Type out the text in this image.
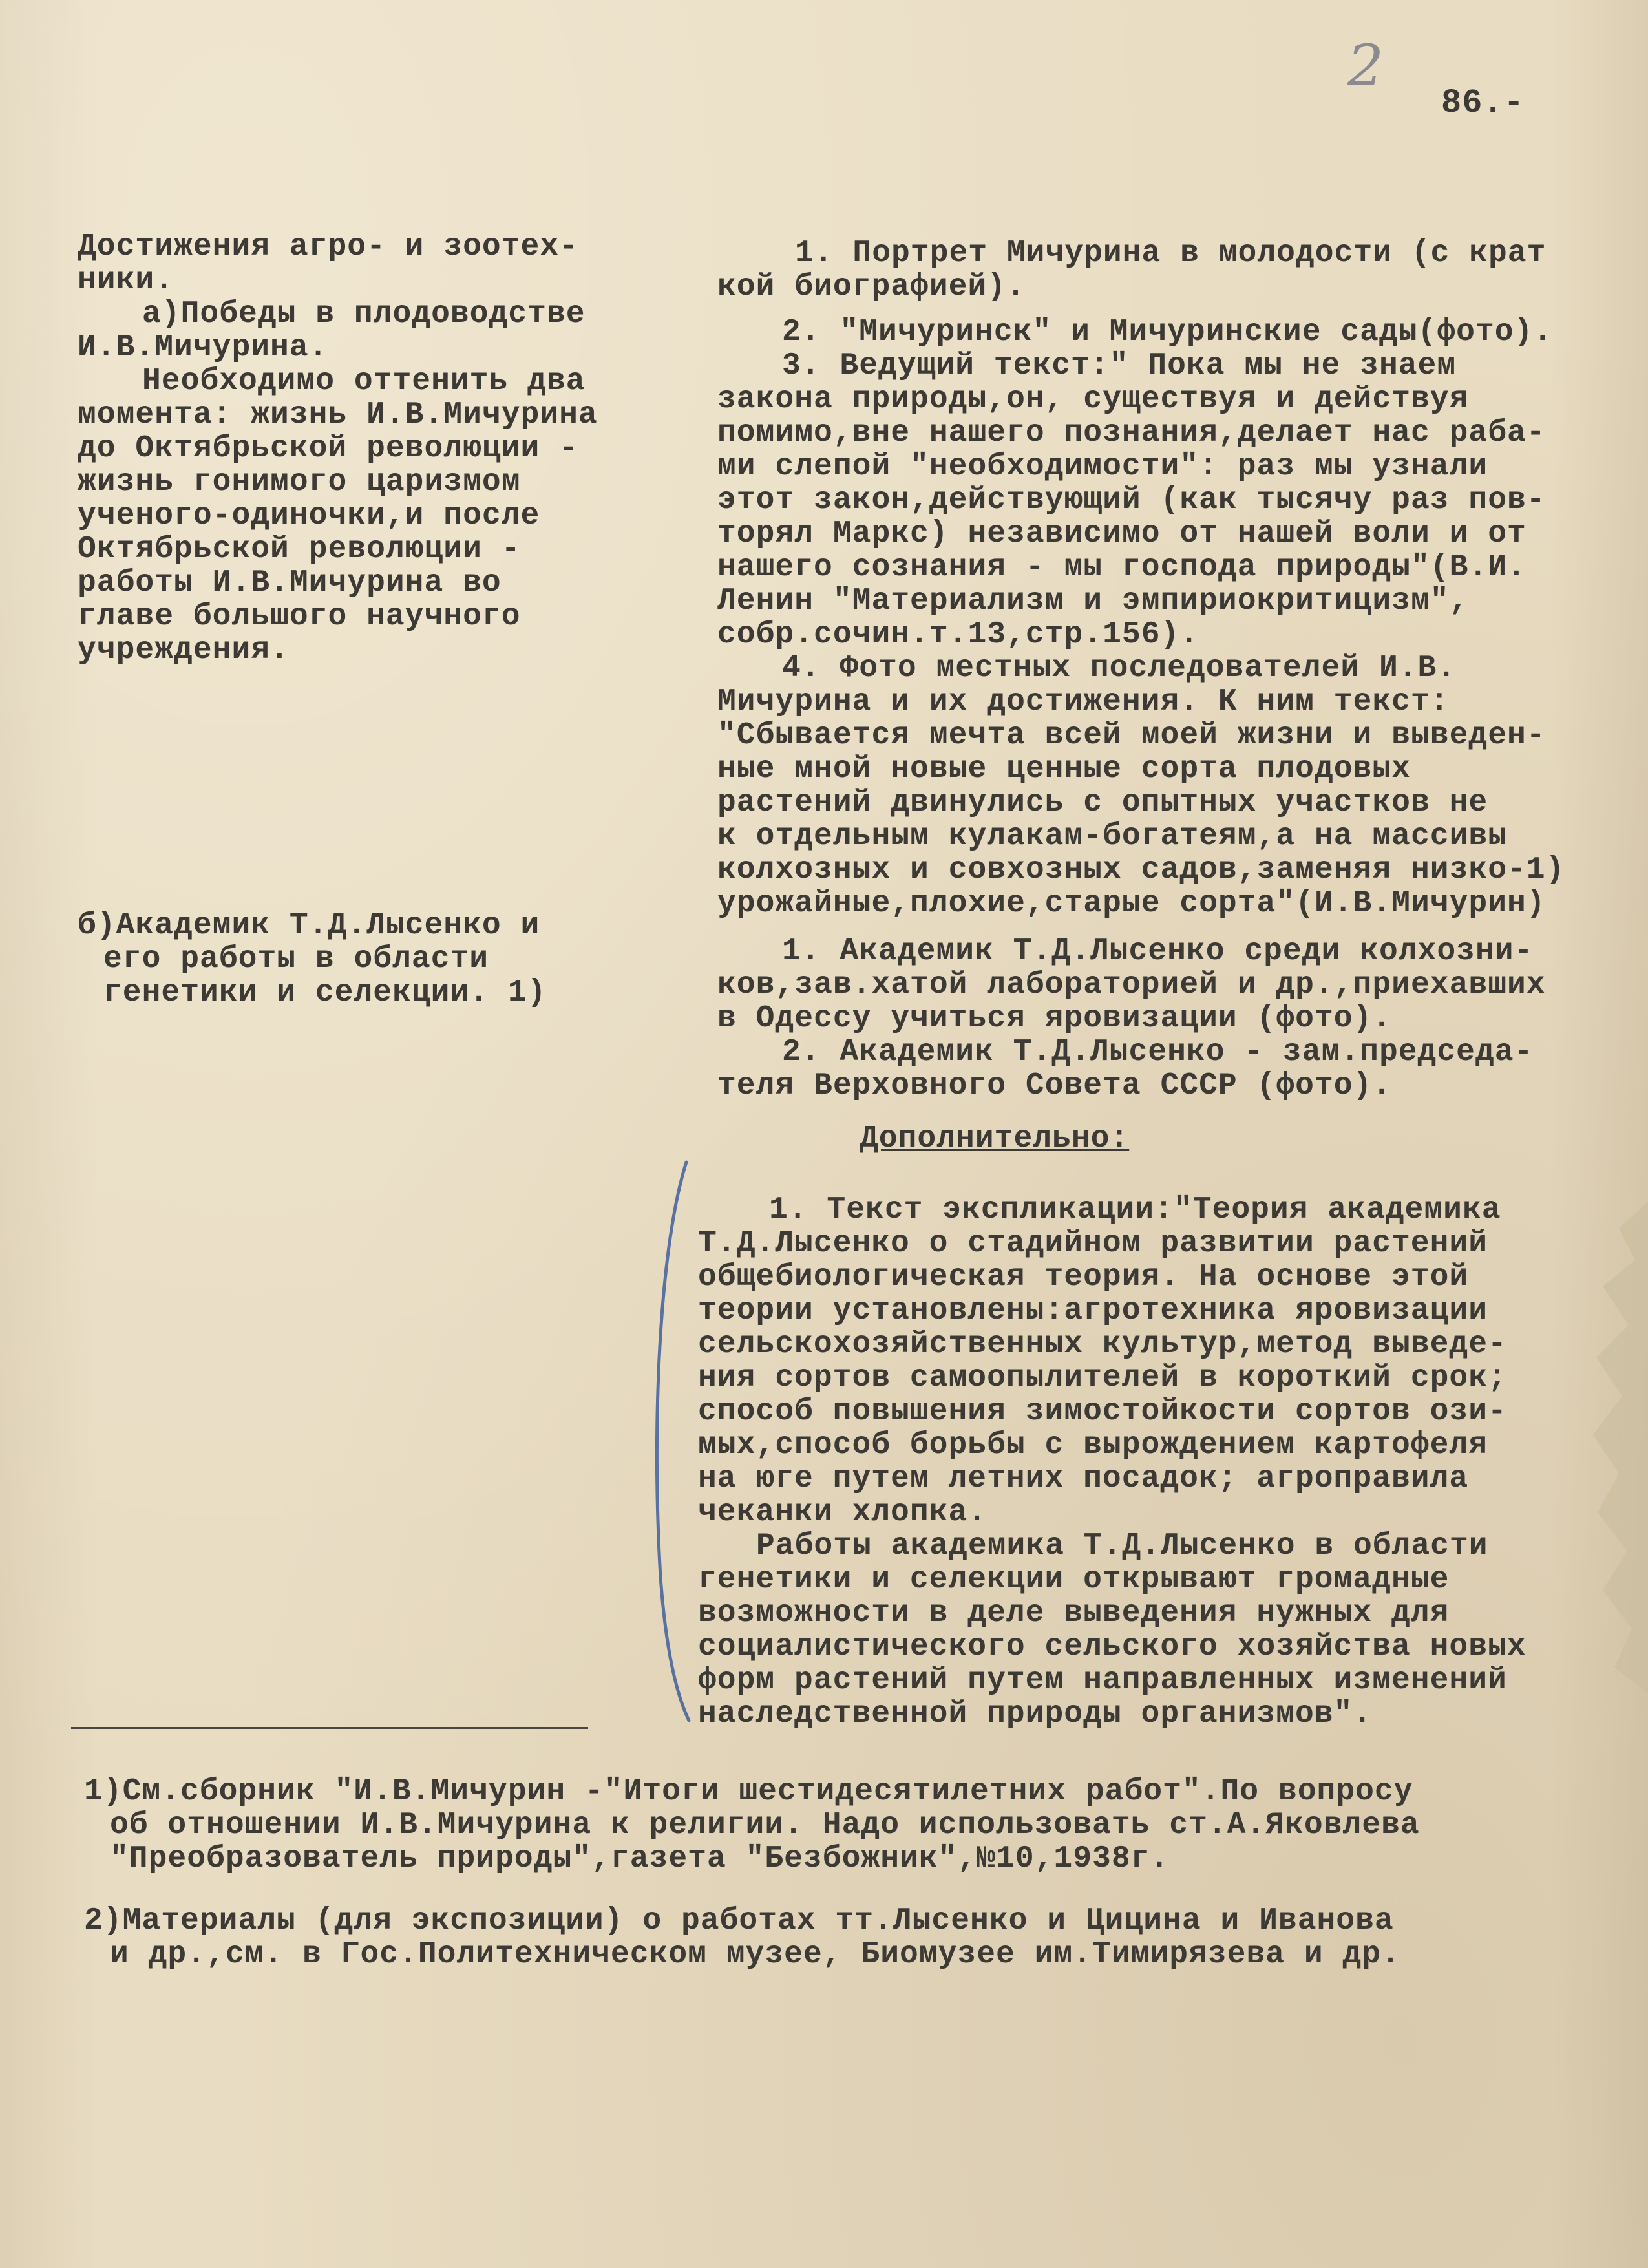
2
86.-
Достижения агро- и зоотех-
ники.
а)Победы в плодоводстве
И.В.Мичурина.
Необходимо оттенить два
момента: жизнь И.В.Мичурина
до Октябрьской революции -
жизнь гонимого царизмом
ученого-одиночки,и после
Октябрьской революции -
работы И.В.Мичурина во
главе большого научного
учреждения.
б)Академик Т.Д.Лысенко и
его работы в области
генетики и селекции. 1)
1. Портрет Мичурина в молодости (с крат
кой биографией).
2. "Мичуринск" и Мичуринские сады(фото).
3. Ведущий текст:" Пока мы не знаем
закона природы,он, существуя и действуя
помимо,вне нашего познания,делает нас раба-
ми слепой "необходимости": раз мы узнали
этот закон,действующий (как тысячу раз пов-
торял Маркс) независимо от нашей воли и от
нашего сознания - мы господа природы"(В.И.
Ленин "Материализм и эмпириокритицизм",
собр.сочин.т.13,стр.156).
4. Фото местных последователей И.В.
Мичурина и их достижения. К ним текст:
"Сбывается мечта всей моей жизни и выведен-
ные мной новые ценные сорта плодовых
растений двинулись с опытных участков не
к отдельным кулакам-богатеям,а на массивы
колхозных и совхозных садов,заменяя низко-1)
урожайные,плохие,старые сорта"(И.В.Мичурин)
1. Академик Т.Д.Лысенко среди колхозни-
ков,зав.хатой лабораторией и др.,приехавших
в Одессу учиться яровизации (фото).
2. Академик Т.Д.Лысенко - зам.председа-
теля Верховного Совета СССР (фото).
Дополнительно:
1. Текст экспликации:"Теория академика
Т.Д.Лысенко о стадийном развитии растений
общебиологическая теория. На основе этой
теории установлены:агротехника яровизации
сельскохозяйственных культур,метод выведе-
ния сортов самоопылителей в короткий срок;
способ повышения зимостойкости сортов ози-
мых,способ борьбы с вырождением картофеля
на юге путем летних посадок; агроправила
чеканки хлопка.
Работы академика Т.Д.Лысенко в области
генетики и селекции открывают громадные
возможности в деле выведения нужных для
социалистического сельского хозяйства новых
форм растений путем направленных изменений
наследственной природы организмов".
1)См.сборник "И.В.Мичурин -"Итоги шестидесятилетних работ".По вопросу
об отношении И.В.Мичурина к религии. Надо использовать ст.А.Яковлева
"Преобразователь природы",газета "Безбожник",№10,1938г.
2)Материалы (для экспозиции) о работах тт.Лысенко и Цицина и Иванова
и др.,см. в Гос.Политехническом музее, Биомузее им.Тимирязева и др.
